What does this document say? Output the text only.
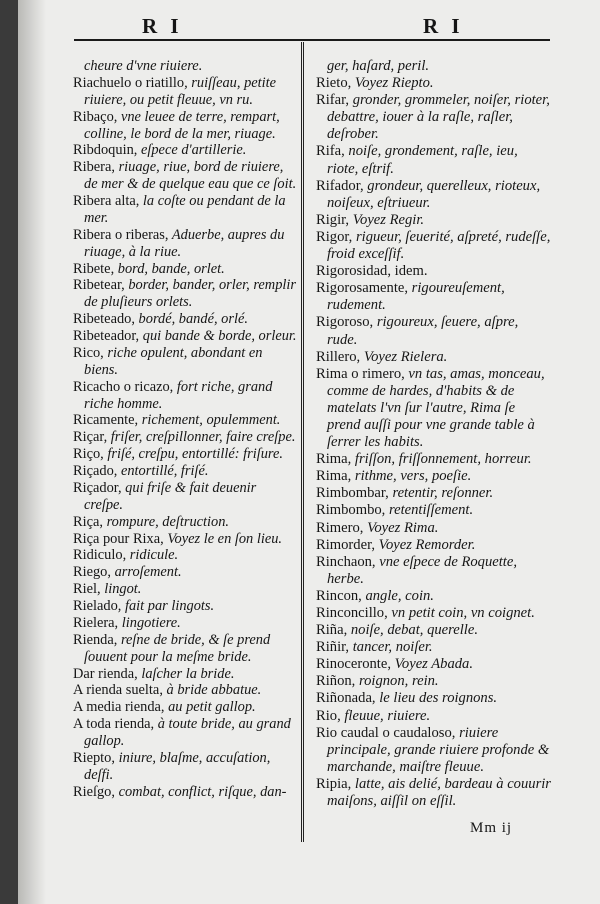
R I	R I
cheure d'vne riuiere.
Riachuelo o riatillo, ruiſſeau, petite riuiere, ou petit fleuue, vn ru.
Ribaço, vne leuee de terre, rempart, colline, le bord de la mer, riuage.
Ribdoquin, eſpece d'artillerie.
Ribera, riuage, riue, bord de riuiere, de mer & de quelque eau que ce ſoit.
Ribera alta, la coſte ou pendant de la mer.
Ribera o riberas, Aduerbe, aupres du riuage, à la riue.
Ribete, bord, bande, orlet.
Ribetear, border, bander, orler, remplir de pluſieurs orlets.
Ribeteado, bordé, bandé, orlé.
Ribeteador, qui bande & borde, orleur.
Rico, riche opulent, abondant en biens.
Ricacho o ricazo, fort riche, grand riche homme.
Ricamente, richement, opulemment.
Riçar, friſer, creſpillonner, faire creſpe.
Riço, friſé, creſpu, entortillé: friſure.
Riçado, entortillé, friſé.
Riçador, qui friſe & fait deuenir creſpe.
Riça, rompure, deſtruction.
Riça pour Rixa, Voyez le en ſon lieu.
Ridiculo, ridicule.
Riego, arroſement.
Riel, lingot.
Rielado, fait par lingots.
Rielera, lingotiere.
Rienda, reſne de bride, & ſe prend ſouuent pour la meſme bride.
Dar rienda, laſcher la bride.
A rienda suelta, à bride abbatue.
A media rienda, au petit gallop.
A toda rienda, à toute bride, au grand gallop.
Riepto, iniure, blaſme, accuſation, deſfi.
Rieſgo, combat, conflict, riſque, dan-
ger, haſard, peril.
Rieto, Voyez Riepto.
Rifar, gronder, grommeler, noiſer, rioter, debattre, iouer à la raſle, raſler, deſrober.
Rifa, noiſe, grondement, raſle, ieu, riote, eſtrif.
Rifador, grondeur, querelleux, rioteux, noiſeux, eſtriueur.
Rigir, Voyez Regir.
Rigor, rigueur, ſeuerité, aſpreté, rudeſſe, froid exceſſif.
Rigorosidad, idem.
Rigorosamente, rigoureuſement, rudement.
Rigoroso, rigoureux, ſeuere, aſpre, rude.
Rillero, Voyez Rielera.
Rima o rimero, vn tas, amas, monceau, comme de hardes, d'habits & de matelats l'vn ſur l'autre, Rima ſe prend auſſi pour vne grande table à ſerrer les habits.
Rima, friſſon, friſſonnement, horreur.
Rima, rithme, vers, poeſie.
Rimbombar, retentir, reſonner.
Rimbombo, retentiſſement.
Rimero, Voyez Rima.
Rimorder, Voyez Remorder.
Rinchaon, vne eſpece de Roquette, herbe.
Rincon, angle, coin.
Rinconcillo, vn petit coin, vn coignet.
Riña, noiſe, debat, querelle.
Riñir, tancer, noiſer.
Rinoceronte, Voyez Abada.
Riñon, roignon, rein.
Riñonada, le lieu des roignons.
Rio, fleuue, riuiere.
Rio caudal o caudaloso, riuiere principale, grande riuiere profonde & marchande, maiſtre fleuue.
Ripia, latte, ais delié, bardeau à couurir maiſons, aiſſil on eſſil.
Mm ij
